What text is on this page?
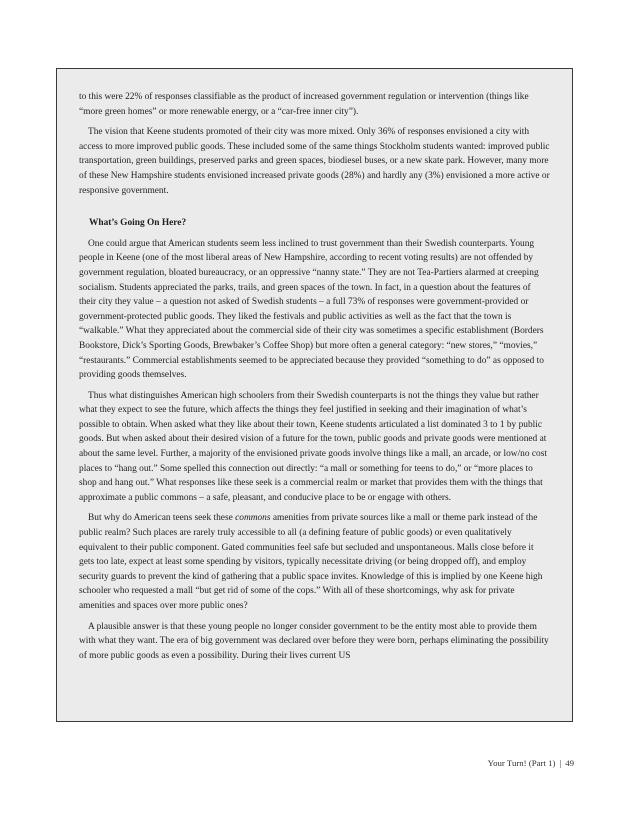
to this were 22% of responses classifiable as the product of increased government regulation or intervention (things like “more green homes” or more renewable energy, or a “car-free inner city”).

The vision that Keene students promoted of their city was more mixed. Only 36% of responses envisioned a city with access to more improved public goods. These included some of the same things Stockholm students wanted: improved public transportation, green buildings, preserved parks and green spaces, biodiesel buses, or a new skate park. However, many more of these New Hampshire students envisioned increased private goods (28%) and hardly any (3%) envisioned a more active or responsive government.

What’s Going On Here?

One could argue that American students seem less inclined to trust government than their Swedish counterparts. Young people in Keene (one of the most liberal areas of New Hampshire, according to recent voting results) are not offended by government regulation, bloated bureaucracy, or an oppressive “nanny state.” They are not Tea-Partiers alarmed at creeping socialism. Students appreciated the parks, trails, and green spaces of the town. In fact, in a question about the features of their city they value – a question not asked of Swedish students – a full 73% of responses were government-provided or government-protected public goods. They liked the festivals and public activities as well as the fact that the town is “walkable.” What they appreciated about the commercial side of their city was sometimes a specific establishment (Borders Bookstore, Dick’s Sporting Goods, Brewbaker’s Coffee Shop) but more often a general category: “new stores,” “movies,” “restaurants.” Commercial establishments seemed to be appreciated because they provided “something to do” as opposed to providing goods themselves.

Thus what distinguishes American high schoolers from their Swedish counterparts is not the things they value but rather what they expect to see the future, which affects the things they feel justified in seeking and their imagination of what’s possible to obtain. When asked what they like about their town, Keene students articulated a list dominated 3 to 1 by public goods. But when asked about their desired vision of a future for the town, public goods and private goods were mentioned at about the same level. Further, a majority of the envisioned private goods involve things like a mall, an arcade, or low/no cost places to “hang out.” Some spelled this connection out directly: “a mall or something for teens to do,” or “more places to shop and hang out.” What responses like these seek is a commercial realm or market that provides them with the things that approximate a public commons – a safe, pleasant, and conducive place to be or engage with others.

But why do American teens seek these commons amenities from private sources like a mall or theme park instead of the public realm? Such places are rarely truly accessible to all (a defining feature of public goods) or even qualitatively equivalent to their public component. Gated communities feel safe but secluded and unspontaneous. Malls close before it gets too late, expect at least some spending by visitors, typically necessitate driving (or being dropped off), and employ security guards to prevent the kind of gathering that a public space invites. Knowledge of this is implied by one Keene high schooler who requested a mall “but get rid of some of the cops.” With all of these shortcomings, why ask for private amenities and spaces over more public ones?

A plausible answer is that these young people no longer consider government to be the entity most able to provide them with what they want. The era of big government was declared over before they were born, perhaps eliminating the possibility of more public goods as even a possibility. During their lives current US

Your Turn! (Part 1) | 49
